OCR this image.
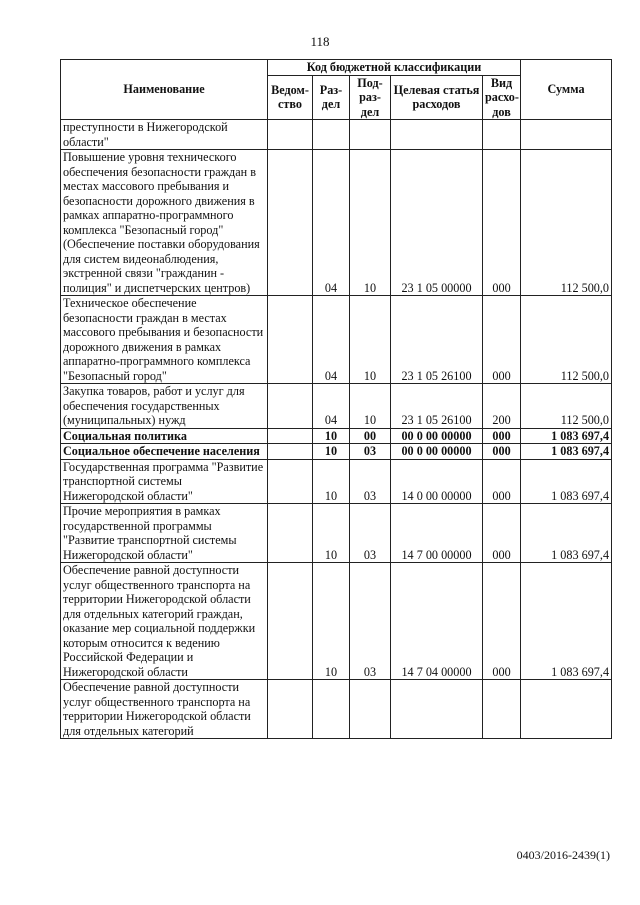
118
Наименование	Код бюджетной классификации					Сумма
	Ведом-ство	Раз-дел	Под-раз-дел	Целевая статья расходов	Вид расхо-дов	
преступности в Нижегородской области"						
Повышение уровня технического обеспечения безопасности граждан в местах массового пребывания и безопасности дорожного движения в рамках аппаратно-программного комплекса "Безопасный город" (Обеспечение поставки оборудования для систем видеонаблюдения, экстренной связи "гражданин - полиция" и диспетчерских центров)		04	10	23 1 05 00000	000	112 500,0
Техническое обеспечение безопасности граждан в местах массового пребывания и безопасности дорожного движения в рамках аппаратно-программного комплекса "Безопасный город"		04	10	23 1 05 26100	000	112 500,0
Закупка товаров, работ и услуг для обеспечения государственных (муниципальных) нужд		04	10	23 1 05 26100	200	112 500,0
Социальная политика		10	00	00 0 00 00000	000	1 083 697,4
Социальное обеспечение населения		10	03	00 0 00 00000	000	1 083 697,4
Государственная программа "Развитие транспортной системы Нижегородской области"		10	03	14 0 00 00000	000	1 083 697,4
Прочие мероприятия в рамках государственной программы "Развитие транспортной системы Нижегородской области"		10	03	14 7 00 00000	000	1 083 697,4
Обеспечение равной доступности услуг общественного транспорта на территории Нижегородской области для отдельных категорий граждан, оказание мер социальной поддержки которым относится к ведению Российской Федерации и Нижегородской области		10	03	14 7 04 00000	000	1 083 697,4
Обеспечение равной доступности услуг общественного транспорта на территории Нижегородской области для отдельных категорий						
0403/2016-2439(1)
